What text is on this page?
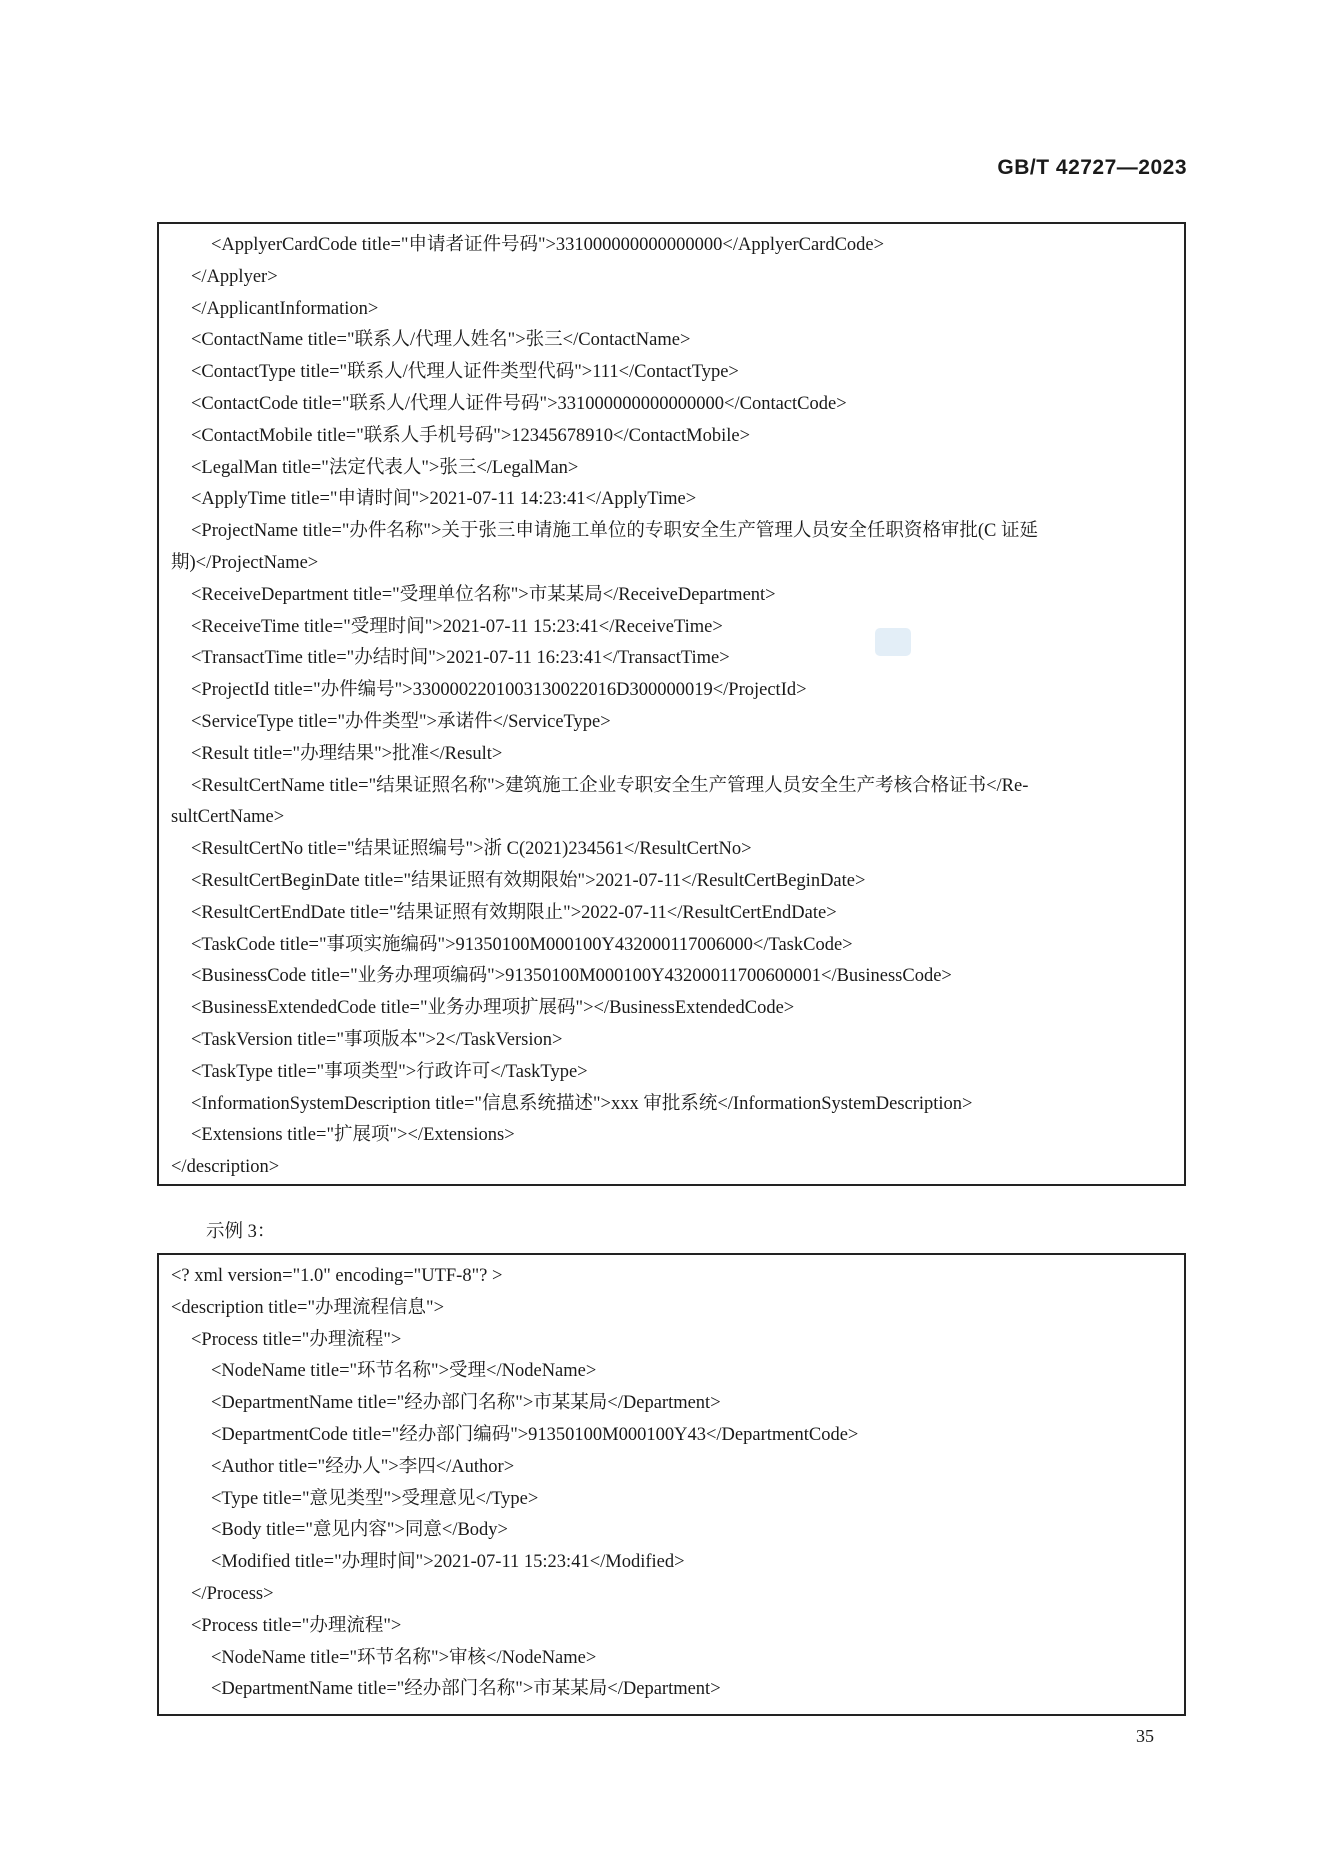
GB/T 42727—2023
<ApplyerCardCode title="申请者证件号码">331000000000000000</ApplyerCardCode>
</Applyer>
</ApplicantInformation>
<ContactName title="联系人/代理人姓名">张三</ContactName>
<ContactType title="联系人/代理人证件类型代码">111</ContactType>
<ContactCode title="联系人/代理人证件号码">331000000000000000</ContactCode>
<ContactMobile title="联系人手机号码">12345678910</ContactMobile>
<LegalMan title="法定代表人">张三</LegalMan>
<ApplyTime title="申请时间">2021-07-11 14:23:41</ApplyTime>
<ProjectName title="办件名称">关于张三申请施工单位的专职安全生产管理人员安全任职资格审批(C 证延
期)</ProjectName>
<ReceiveDepartment title="受理单位名称">市某某局</ReceiveDepartment>
<ReceiveTime title="受理时间">2021-07-11 15:23:41</ReceiveTime>
<TransactTime title="办结时间">2021-07-11 16:23:41</TransactTime>
<ProjectId title="办件编号">3300002201003130022016D300000019</ProjectId>
<ServiceType title="办件类型">承诺件</ServiceType>
<Result title="办理结果">批准</Result>
<ResultCertName title="结果证照名称">建筑施工企业专职安全生产管理人员安全生产考核合格证书</Re-
sultCertName>
<ResultCertNo title="结果证照编号">浙 C(2021)234561</ResultCertNo>
<ResultCertBeginDate title="结果证照有效期限始">2021-07-11</ResultCertBeginDate>
<ResultCertEndDate title="结果证照有效期限止">2022-07-11</ResultCertEndDate>
<TaskCode title="事项实施编码">91350100M000100Y432000117006000</TaskCode>
<BusinessCode title="业务办理项编码">91350100M000100Y43200011700600001</BusinessCode>
<BusinessExtendedCode title="业务办理项扩展码"></BusinessExtendedCode>
<TaskVersion title="事项版本">2</TaskVersion>
<TaskType title="事项类型">行政许可</TaskType>
<InformationSystemDescription title="信息系统描述">xxx 审批系统</InformationSystemDescription>
<Extensions title="扩展项"></Extensions>
</description>
示例 3：
<? xml version="1.0" encoding="UTF-8"? >
<description title="办理流程信息">
<Process title="办理流程">
<NodeName title="环节名称">受理</NodeName>
<DepartmentName title="经办部门名称">市某某局</Department>
<DepartmentCode title="经办部门编码">91350100M000100Y43</DepartmentCode>
<Author title="经办人">李四</Author>
<Type title="意见类型">受理意见</Type>
<Body title="意见内容">同意</Body>
<Modified title="办理时间">2021-07-11 15:23:41</Modified>
</Process>
<Process title="办理流程">
<NodeName title="环节名称">审核</NodeName>
<DepartmentName title="经办部门名称">市某某局</Department>
35
